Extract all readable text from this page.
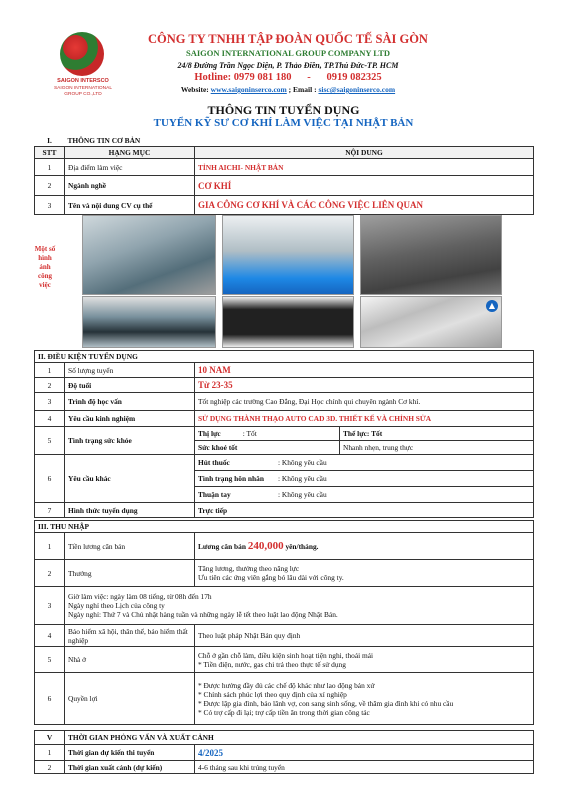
SAIGON INTERSCO
SAIGON INTERNATIONAL GROUP CO.,LTD
CÔNG TY TNHH TẬP ĐOÀN QUỐC TẾ SÀI GÒN
SAIGON INTERNATIONAL GROUP COMPANY LTD
24/8 Đường Trần Ngọc Diện, P. Thảo Điền, TP.Thủ Đức-TP. HCM
Hotline: 0979 081 180      -      0919 082325
Website: www.saigoninserco.com ; Email : sisc@saigoninserco.com
THÔNG TIN TUYỂN DỤNG
TUYỂN KỸ SƯ CƠ KHÍ LÀM VIỆC TẠI NHẬT BẢN
I.	THÔNG TIN CƠ BẢN	
STT	HẠNG MỤC	NỘI DUNG
1	Địa điểm làm việc	TỈNH AICHI- NHẬT BẢN
2	Ngành nghề	CƠ KHÍ
3	Tên và nội dung CV cụ thể	GIA CÔNG CƠ KHÍ VÀ CÁC CÔNG VIỆC LIÊN QUAN
Một số hình ảnh công việc
▲
II. ĐIỀU KIỆN TUYỂN DỤNG			
1	Số lượng tuyển	10 NAM	
2	Độ tuổi	Từ 23-35	
3	Trình độ học vấn	Tốt nghiệp các trường Cao Đẳng, Đại Học chính qui chuyên ngành Cơ khí.	
4	Yêu cầu kinh nghiệm	SỬ DỤNG THÀNH THẠO AUTO CAD 3D. THIẾT KẾ VÀ CHỈNH SỬA	
5	Tình trạng sức khỏe	Thị lực : Tốt	Thể lực: Tốt
		Sức khoẻ tốt	Nhanh nhẹn, trung thực
6	Yêu cầu khác	Hút thuốc : Không yêu cầu	
		Tình trạng hôn nhân : Không yêu cầu	
		Thuận tay : Không yêu cầu	
7	Hình thức tuyển dụng	Trực tiếp	
III. THU NHẬP		
1	Tiền lương căn bản	Lương căn bản 240,000 yên/tháng.
2	Thưởng	Tăng lương, thưởng theo năng lực
Ưu tiên các ứng viên gắng bó lâu dài với công ty.

3	Giờ làm việc: ngày làm 08 tiếng, từ 08h đến 17h
Ngày nghỉ theo Lịch của công ty
Ngày nghỉ: Thứ 7 và Chủ nhật hàng tuần và những ngày lễ tết theo luật lao động Nhật Bản.	

4	Bảo hiểm xã hội, thân thể, bảo hiểm thất nghiệp	Theo luật pháp Nhật Bản quy định
5	Nhà ở	Chỗ ở gần chỗ làm, điều kiện sinh hoạt tiện nghi, thoải mái
* Tiền điện, nước, gas chi trả theo thực tế sử dụng

6	Quyền lợi	* Được hưởng đầy đủ các chế độ khác như lao động bản xứ
* Chính sách phúc lợi theo quy định của xí nghiệp
* Được lập gia đình, bảo lãnh vợ, con sang sinh sống, về thăm gia đình khi có nhu cầu
* Có trợ cấp đi lại; trợ cấp tiền ăn trong thời gian công tác
V	THỜI GIAN PHỎNG VẤN VÀ XUẤT CẢNH	
1	Thời gian dự kiến thi tuyển	4/2025
2	Thời gian xuất cảnh (dự kiến)	4-6 tháng sau khi trúng tuyển
